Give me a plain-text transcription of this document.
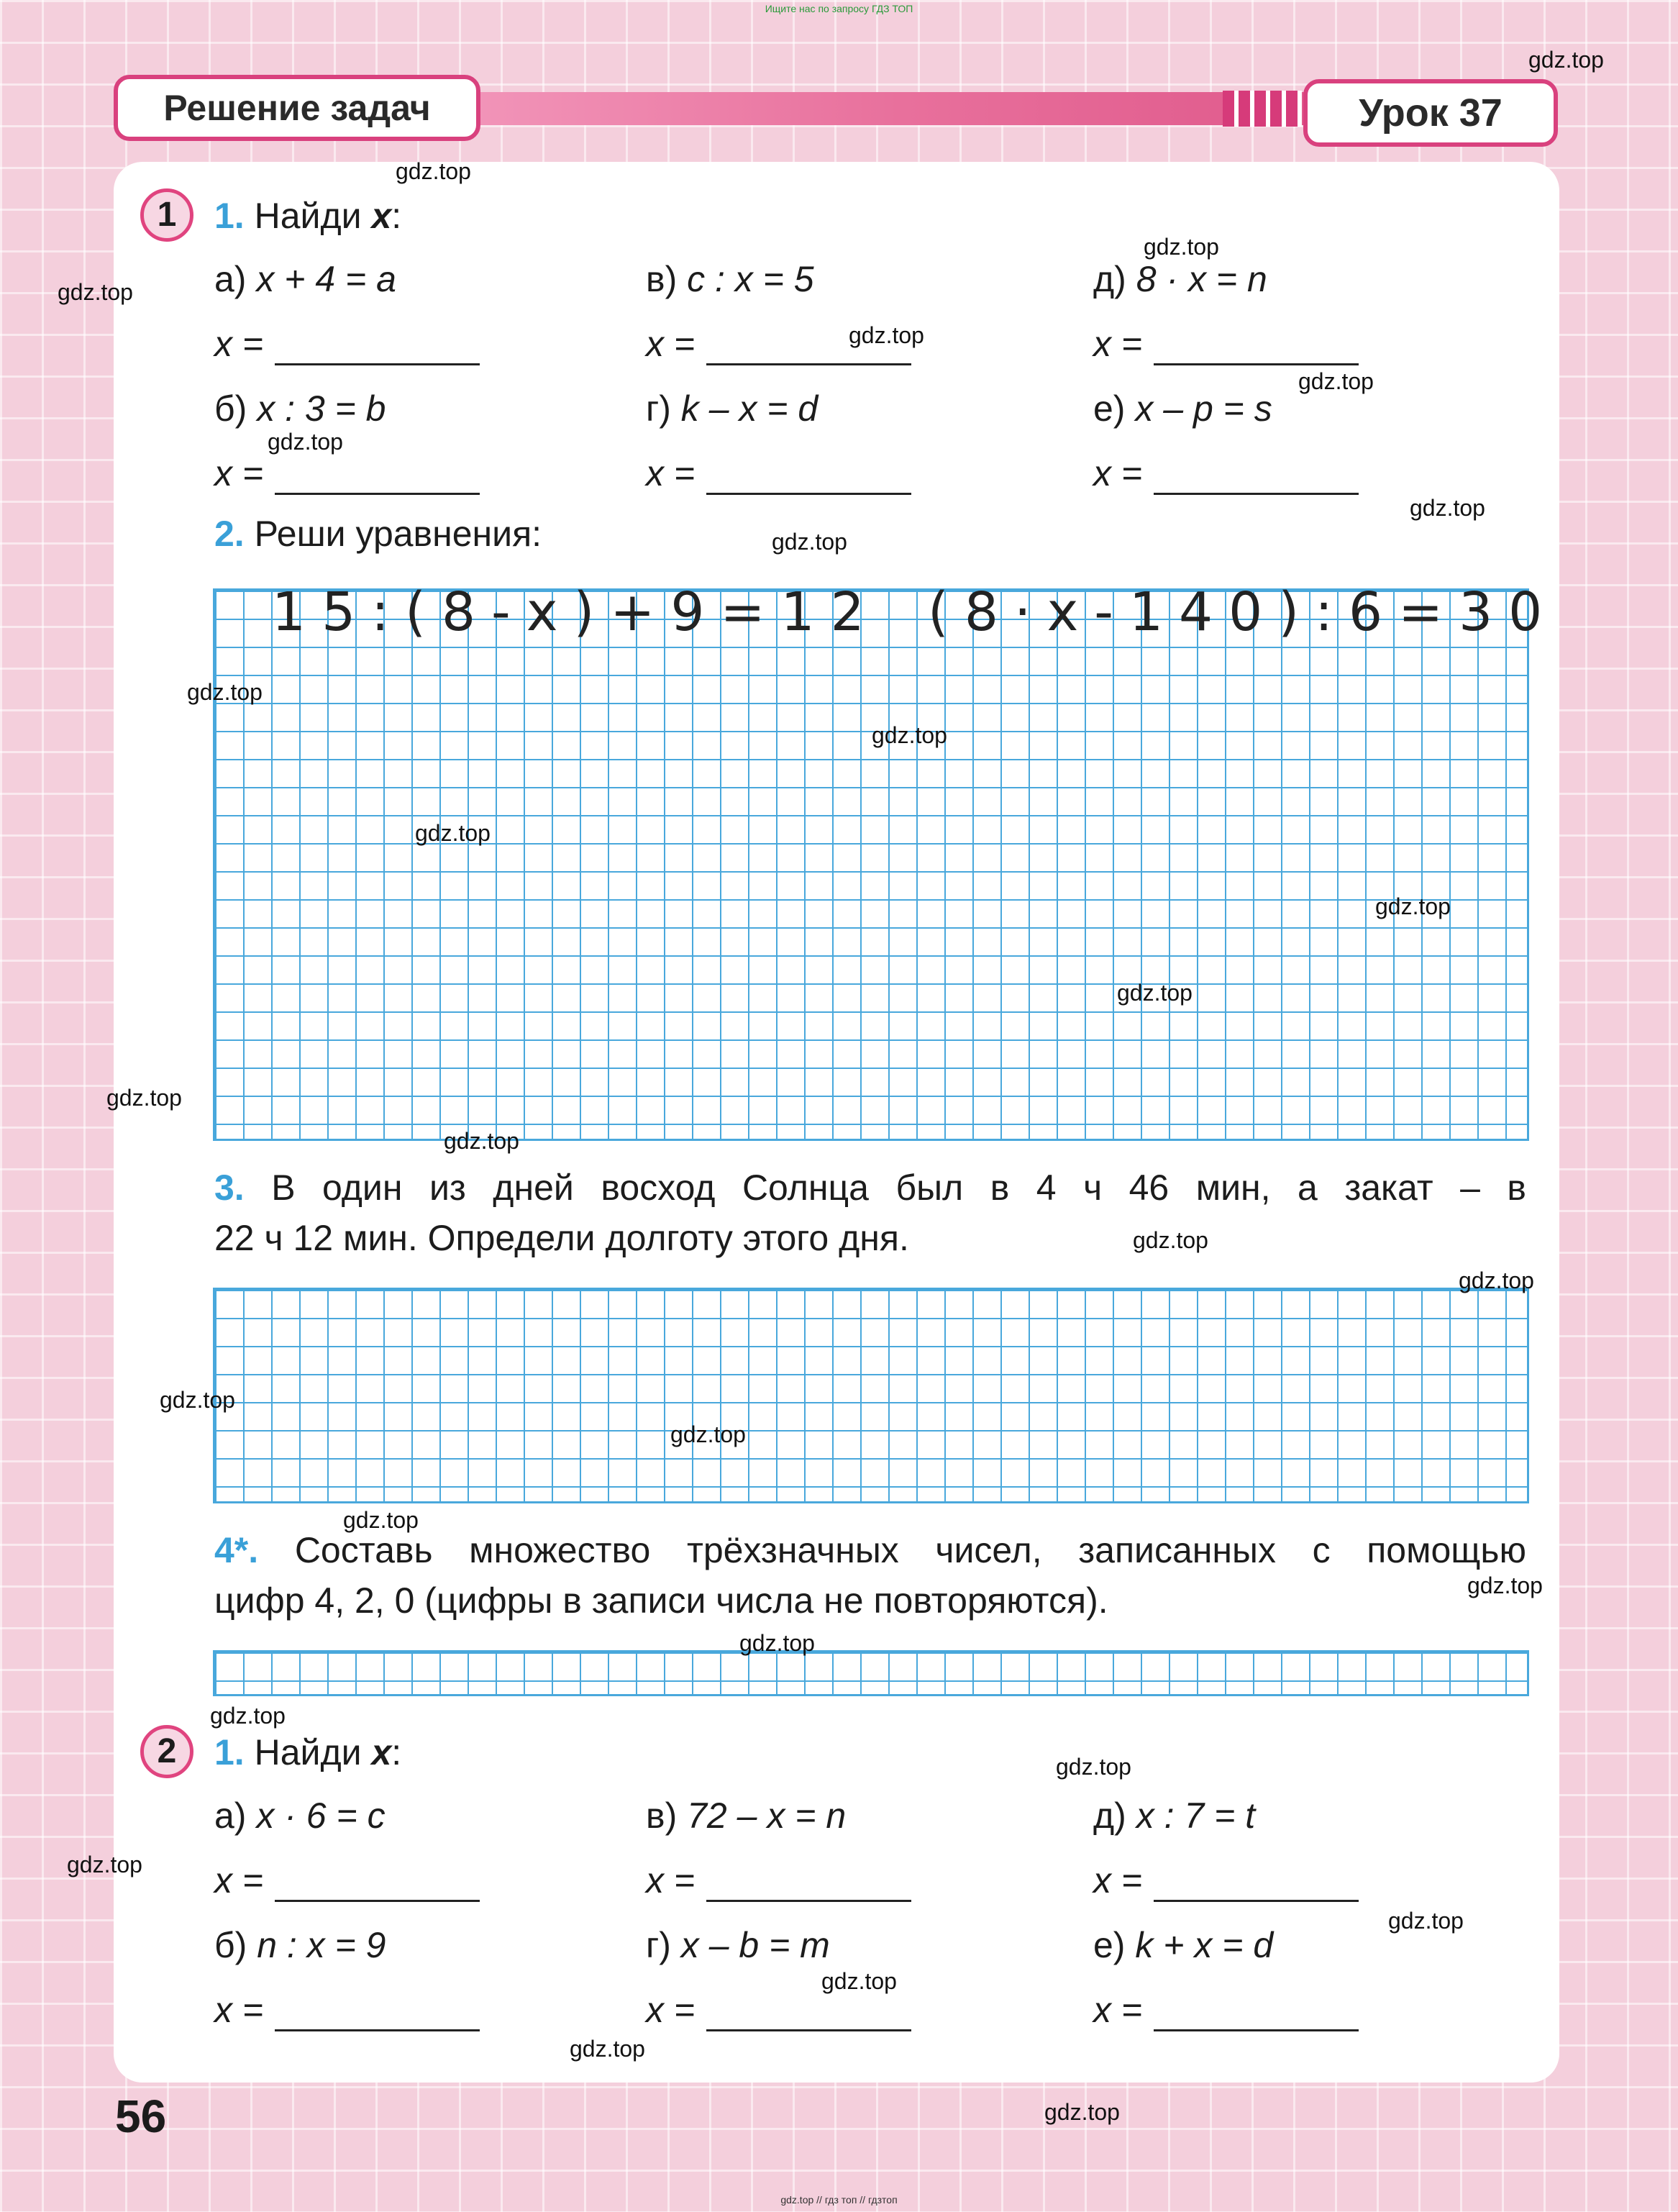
Ищите нас по запросу ГДЗ ТОП
gdz.top // гдз топ // гдзтоп
Решение задач	Урок 37
1	1. Найди x:
а) x + 4 = a	в) c : x = 5	д) 8 · x = n
x =	x =	x =
б) x : 3 = b	г) k – x = d	е) x – p = s
x =	x =	x =
2. Реши уравнения:
15:(8-x)+9=12 (8·x-140):6=30
3. В один из дней восход Солнца был в 4 ч 46 мин, а закат – в
22 ч 12 мин. Определи долготу этого дня.
4*. Составь множество трёхзначных чисел, записанных с помощью
цифр 4, 2, 0 (цифры в записи числа не повторяются).
2	1. Найди x:
а) x · 6 = c	в) 72 – x = n	д) x : 7 = t
x =	x =	x =
б) n : x = 9	г) x – b = m	е) k + x = d
x =	x =	x =
56
gdz.top
gdz.top
gdz.top
gdz.top
gdz.top
gdz.top
gdz.top
gdz.top
gdz.top
gdz.top
gdz.top
gdz.top
gdz.top
gdz.top
gdz.top
gdz.top
gdz.top
gdz.top
gdz.top
gdz.top
gdz.top
gdz.top
gdz.top
gdz.top
gdz.top
gdz.top
gdz.top
gdz.top
gdz.top
gdz.top
